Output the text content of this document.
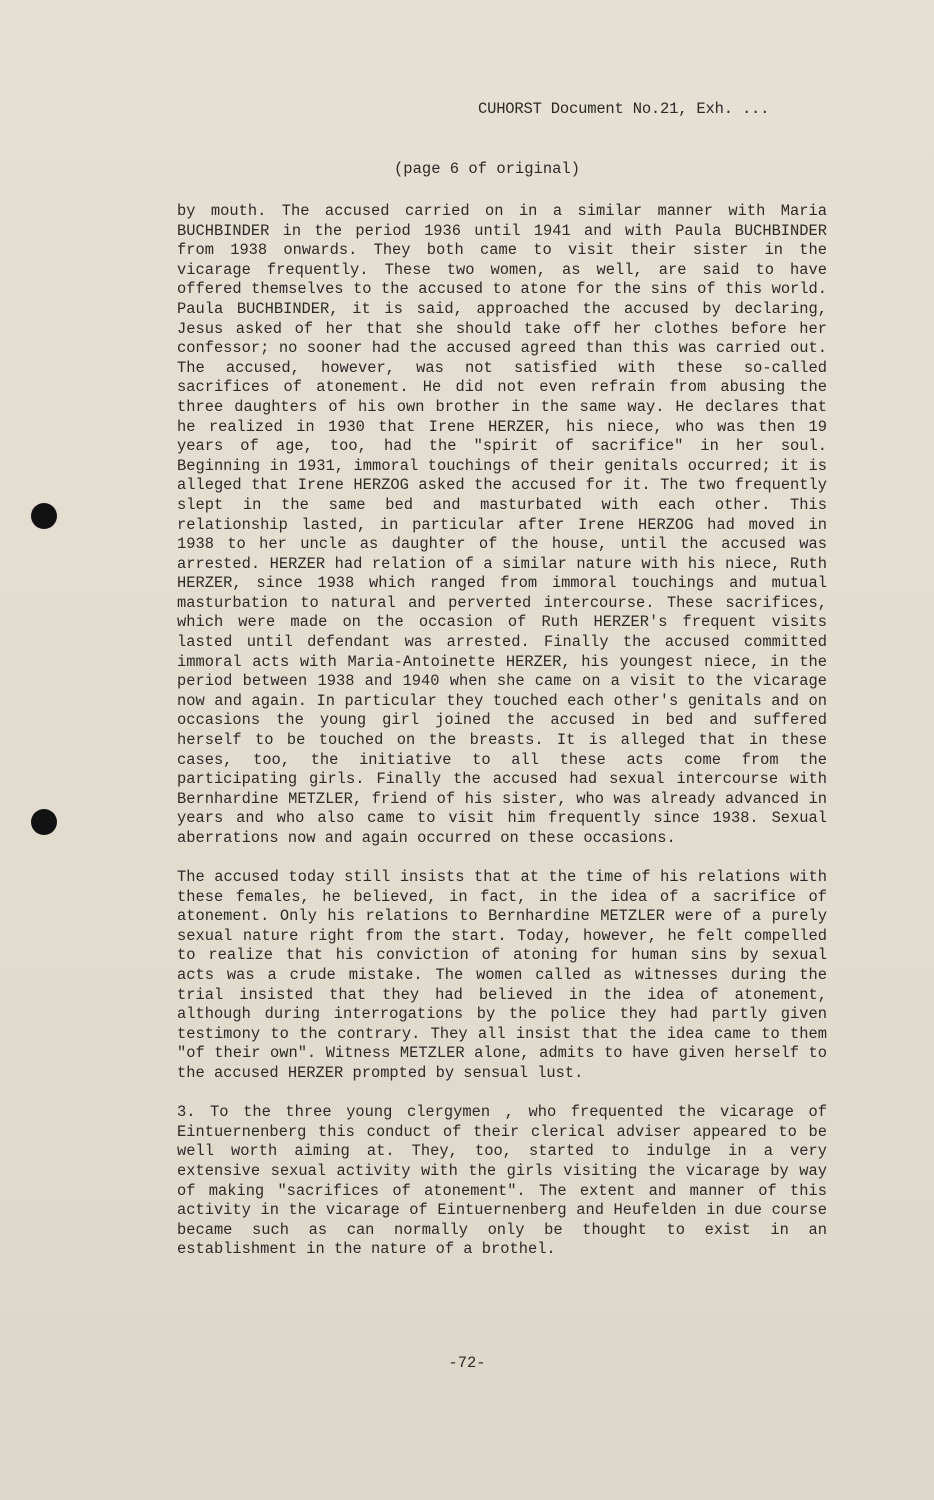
CUHORST Document No.21, Exh. ...
(page 6 of original)

by mouth. The accused carried on in a similar manner with Maria BUCHBINDER in the period 1936 until 1941 and with Paula BUCHBINDER from 1938 onwards. They both came to visit their sister in the vicarage frequently. These two women, as well, are said to have offered themselves to the accused to atone for the sins of this world. Paula BUCHBINDER, it is said, approached the accused by declaring, Jesus asked of her that she should take off her clothes before her confessor; no sooner had the accused agreed than this was carried out. The accused, however, was not satisfied with these so-called sacrifices of atonement. He did not even refrain from abusing the three daughters of his own brother in the same way. He declares that he realized in 1930 that Irene HERZER, his niece, who was then 19 years of age, too, had the "spirit of sacrifice" in her soul. Beginning in 1931, immoral touchings of their genitals occurred; it is alleged that Irene HERZOG asked the accused for it. The two frequently slept in the same bed and masturbated with each other. This relationship lasted, in particular after Irene HERZOG had moved in 1938 to her uncle as daughter of the house, until the accused was arrested. HERZER had relation of a similar nature with his niece, Ruth HERZER, since 1938 which ranged from immoral touchings and mutual masturbation to natural and perverted intercourse. These sacrifices, which were made on the occasion of Ruth HERZER's frequent visits lasted until defendant was arrested. Finally the accused committed immoral acts with Maria-Antoinette HERZER, his youngest niece, in the period between 1938 and 1940 when she came on a visit to the vicarage now and again. In particular they touched each other's genitals and on occasions the young girl joined the accused in bed and suffered herself to be touched on the breasts. It is alleged that in these cases, too, the initiative to all these acts come from the participating girls. Finally the accused had sexual intercourse with Bernhardine METZLER, friend of his sister, who was already advanced in years and who also came to visit him frequently since 1938. Sexual aberrations now and again occurred on these occasions.

The accused today still insists that at the time of his relations with these females, he believed, in fact, in the idea of a sacrifice of atonement. Only his relations to Bernhardine METZLER were of a purely sexual nature right from the start. Today, however, he felt compelled to realize that his conviction of atoning for human sins by sexual acts was a crude mistake. The women called as witnesses during the trial insisted that they had believed in the idea of atonement, although during interrogations by the police they had partly given testimony to the contrary. They all insist that the idea came to them "of their own". Witness METZLER alone, admits to have given herself to the accused HERZER prompted by sensual lust.

3. To the three young clergymen , who frequented the vicarage of Eintuernenberg this conduct of their clerical adviser appeared to be well worth aiming at. They, too, started to indulge in a very extensive sexual activity with the girls visiting the vicarage by way of making "sacrifices of atonement". The extent and manner of this activity in the vicarage of Eintuernenberg and Heufelden in due course became such as can normally only be thought to exist in an establishment in the nature of a brothel.

-72-
